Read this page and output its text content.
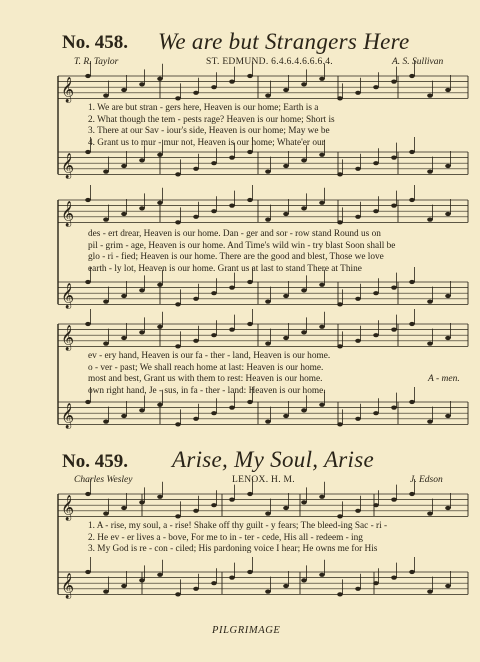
No. 458. We are but Strangers Here
T. R. Taylor	ST. EDMUND. 6.4.6.4.6.6.6.4.	A. S. Sullivan
𝄞
𝄞
𝄞
𝄞
𝄞
𝄞
𝄞
𝄞
1. We are but stran - gers here, Heaven is our home; Earth is a
2. What though the tem - pests rage? Heaven is our home; Short is
3. There at our Sav - iour's side, Heaven is our home; May we be
4. Grant us to mur - mur not, Heaven is our home; Whate'er our
des - ert drear, Heaven is our home. Dan - ger and sor - row stand Round us on
pil - grim - age, Heaven is our home. And Time's wild win - try blast Soon shall be
glo - ri - fied; Heaven is our home. There are the good and blest, Those we love
earth - ly lot, Heaven is our home. Grant us at last to stand There at Thine
ev - ery hand, Heaven is our fa - ther - land, Heaven is our home.
o - ver - past; We shall reach home at last: Heaven is our home.
most and best, Grant us with them to rest: Heaven is our home.
own right hand, Je - sus, in fa - ther - land: Heaven is our home.
A - men.
No. 459. Arise, My Soul, Arise
Charles Wesley	LENOX. H. M.	J. Edson
1. A - rise, my soul, a - rise! Shake off thy guilt - y fears; The bleed-ing Sac - ri -
2. He ev - er lives a - bove, For me to in - ter - cede, His all - redeem - ing
3. My God is re - con - ciled; His pardoning voice I hear; He owns me for His
PILGRIMAGE
